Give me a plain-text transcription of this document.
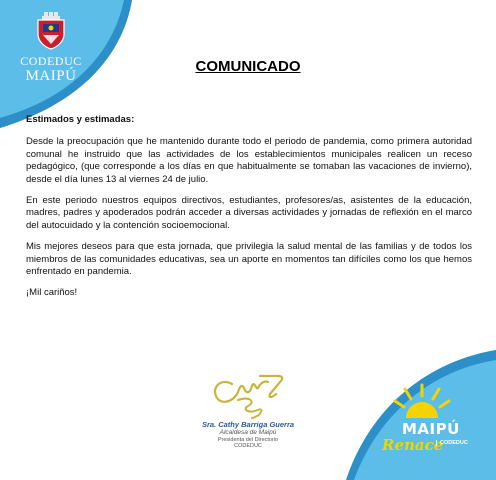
CODEDUC
MAIPÚ
COMUNICADO

Estimados y estimadas:

Desde la preocupación que he mantenido durante todo el periodo de pandemia, como primera autoridad comunal he instruido que las actividades de los establecimientos municipales realicen un receso pedagógico, (que corresponde a los días en que habitualmente se tomaban las vacaciones de invierno), desde el día lunes 13 al viernes 24 de julio.

En este periodo nuestros equipos directivos, estudiantes, profesores/as, asistentes de la educación, madres, padres y apoderados podrán acceder a diversas actividades y jornadas de reflexión en el marco del autocuidado y la contención socioemocional.

Mis mejores deseos para que esta jornada, que privilegia la salud mental de las familias y de todos los miembros de las comunidades educativas, sea un aporte en momentos tan difíciles como los que hemos enfrentado en pandemia.

¡Mil cariños!

Sra. Cathy Barriga Guerra
Alcaldesa de Maipú
Presidenta del Directorio
CODEDUC
MAIPÚ
Renace
CODEDUC
